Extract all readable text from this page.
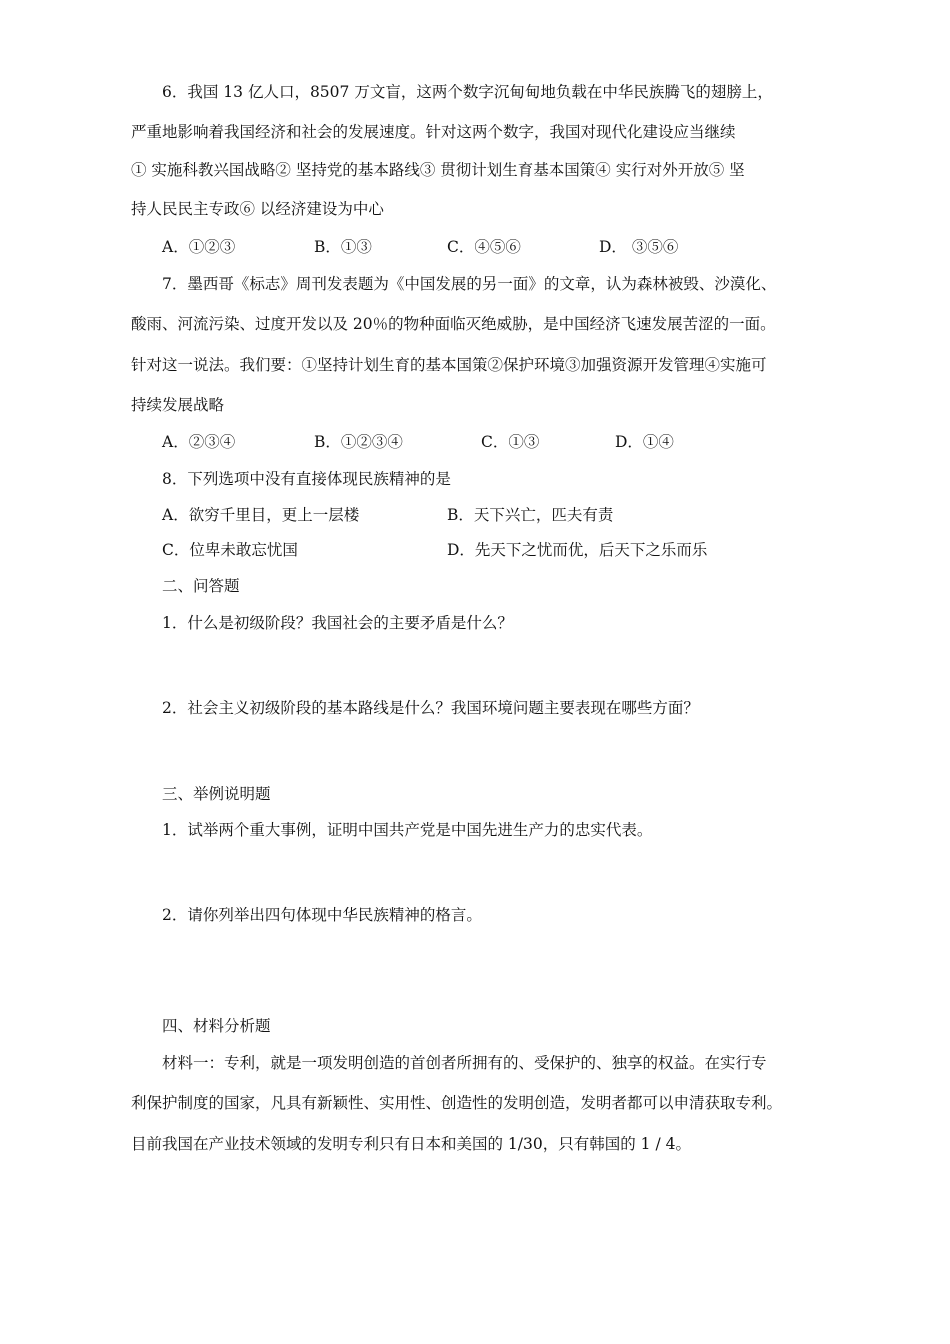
6．我国 13 亿人口，8507 万文盲，这两个数字沉甸甸地负载在中华民族腾飞的翅膀上，
严重地影响着我国经济和社会的发展速度。针对这两个数字，我国对现代化建设应当继续
① 实施科教兴国战略② 坚持党的基本路线③ 贯彻计划生育基本国策④ 实行对外开放⑤ 坚
持人民民主专政⑥ 以经济建设为中心
A．①②③	B．①③	C．④⑤⑥	D． ③⑤⑥
7．墨西哥《标志》周刊发表题为《中国发展的另一面》的文章，认为森林被毁、沙漠化、
酸雨、河流污染、过度开发以及 20％的物种面临灭绝威胁，是中国经济飞速发展苦涩的一面。
针对这一说法。我们要：①坚持计划生育的基本国策②保护环境③加强资源开发管理④实施可
持续发展战略
A．②③④	B．①②③④	C．①③	D．①④
8．下列选项中没有直接体现民族精神的是
A．欲穷千里目，更上一层楼	B．天下兴亡，匹夫有责
C．位卑未敢忘忧国	D．先天下之忧而优，后天下之乐而乐
二、问答题
1．什么是初级阶段？我国社会的主要矛盾是什么？
2．社会主义初级阶段的基本路线是什么？我国环境问题主要表现在哪些方面？
三、举例说明题
1．试举两个重大事例，证明中国共产党是中国先进生产力的忠实代表。
2．请你列举出四句体现中华民族精神的格言。
四、材料分析题
材料一：专利，就是一项发明创造的首创者所拥有的、受保护的、独享的权益。在实行专
利保护制度的国家，凡具有新颖性、实用性、创造性的发明创造，发明者都可以申清获取专利。
目前我国在产业技术领域的发明专利只有日本和美国的 1/30，只有韩国的 1 / 4。
